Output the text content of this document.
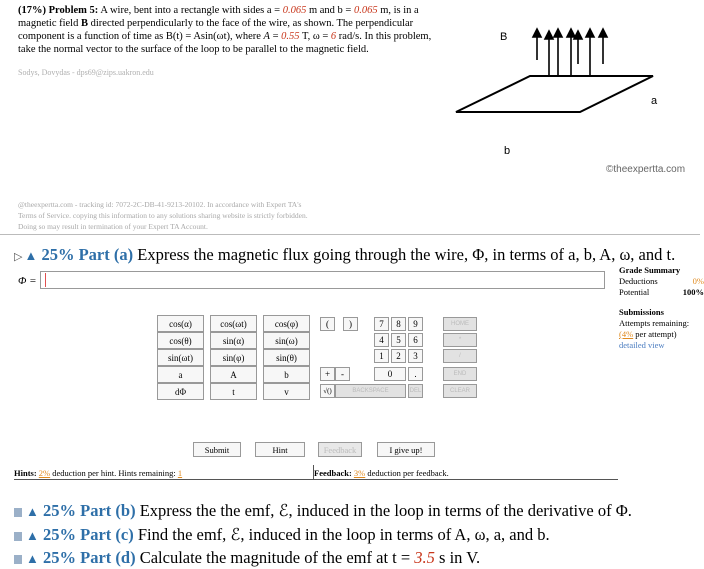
(17%) Problem 5: A wire, bent into a rectangle with sides a = 0.065 m and b = 0.065 m, is in a magnetic field B directed perpendicularly to the face of the wire, as shown. The perpendicular component is a function of time as B(t) = Asin(ωt), where A = 0.55 T, ω = 6 rad/s. In this problem, take the normal vector to the surface of the loop to be parallel to the magnetic field.
Sodys, Dovydas - dps69@zips.uakron.edu
B
a
b
©theexpertta.com
@theexpertta.com - tracking id: 7072-2C-DB-41-9213-20102. In accordance with Expert TA's Terms of Service. copying this information to any solutions sharing website is strictly forbidden. Doing so may result in termination of your Expert TA Account.
▷ ▲ 25% Part (a) Express the magnetic flux going through the wire, Φ, in terms of a, b, A, ω, and t.
Φ =
Grade Summary
Deductions	0%
Potential	100%
Submissions
Attempts remaining:
(4% per attempt)
detailed view
cos(α)	cos(ωt)	cos(φ)
cos(θ)	sin(α)	sin(ω)
sin(ωt)	sin(φ)	sin(θ)
a	A	b
dΦ	t	v
(	)
+	-
√()
7	8	9
4	5	6
1	2	3
0	.
HOME
*
/
END
BACKSPACE	DEL	CLEAR
Submit	Hint	Feedback	I give up!
Hints: 2% deduction per hint. Hints remaining: 1	Feedback: 3% deduction per feedback.
▲ 25% Part (b) Express the the emf, ℰ, induced in the loop in terms of the derivative of Φ.
▲ 25% Part (c) Find the emf, ℰ, induced in the loop in terms of A, ω, a, and b.
▲ 25% Part (d) Calculate the magnitude of the emf at t = 3.5 s in V.
